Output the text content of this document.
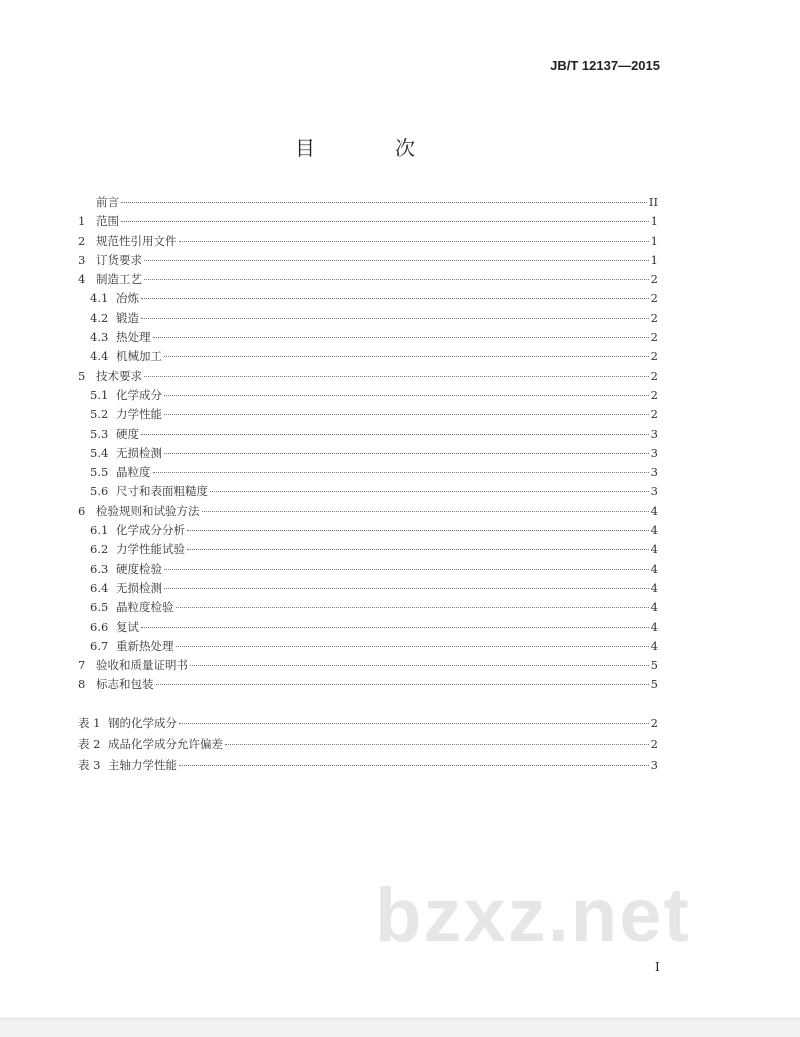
JB/T 12137—2015
目　次
前言	II
1 范围	1
2 规范性引用文件	1
3 订货要求	1
4 制造工艺	2
4.1 冶炼	2
4.2 锻造	2
4.3 热处理	2
4.4 机械加工	2
5 技术要求	2
5.1 化学成分	2
5.2 力学性能	2
5.3 硬度	3
5.4 无损检测	3
5.5 晶粒度	3
5.6 尺寸和表面粗糙度	3
6 检验规则和试验方法	4
6.1 化学成分分析	4
6.2 力学性能试验	4
6.3 硬度检验	4
6.4 无损检测	4
6.5 晶粒度检验	4
6.6 复试	4
6.7 重新热处理	4
7 验收和质量证明书	5
8 标志和包装	5
表 1 钢的化学成分	2
表 2 成品化学成分允许偏差	2
表 3 主轴力学性能	3
bzxz.net
I
